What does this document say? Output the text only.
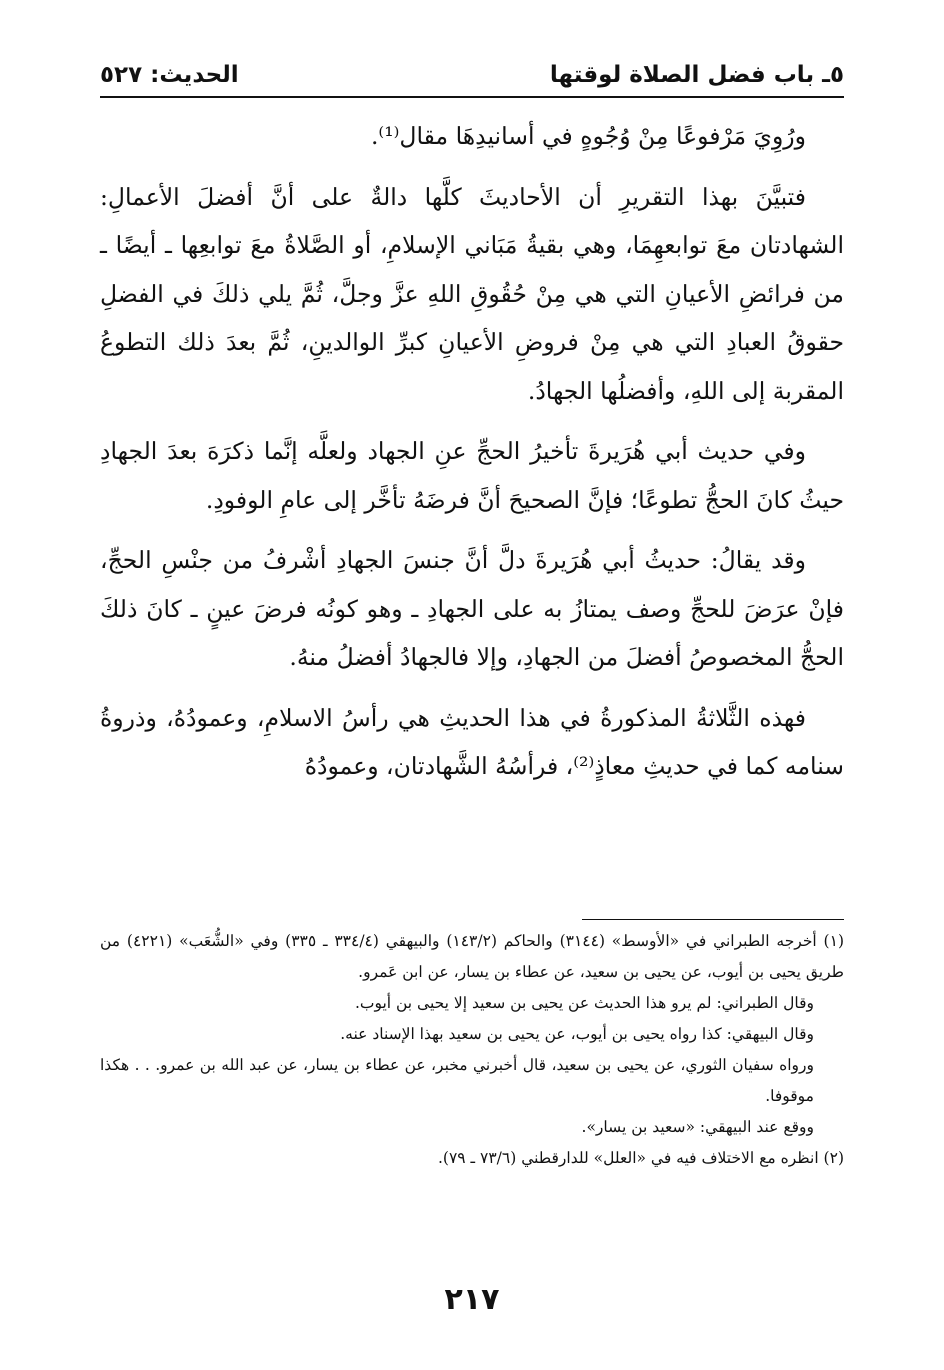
٥ـ باب فضل الصلاة لوقتها
الحديث: ٥٢٧

ورُوِيَ مَرْفوعًا مِنْ وُجُوهٍ في أسانيدِهَا مقال⁽¹⁾.

فتبيَّنَ بهذا التقريرِ أن الأحاديثَ كلَّها دالةٌ على أنَّ أفضلَ الأعمالِ: الشهادتان معَ توابعهِمَا، وهي بقيةُ مَبَاني الإسلامِ، أو الصَّلاةُ معَ توابعِها ـ أيضًا ـ من فرائضِ الأعيانِ التي هي مِنْ حُقُوقِ اللهِ عزَّ وجلَّ، ثُمَّ يلي ذلكَ في الفضلِ حقوقُ العبادِ التي هي مِنْ فروضِ الأعيانِ كبرِّ الوالدينِ، ثُمَّ بعدَ ذلك التطوعُ المقربة إلى اللهِ، وأفضلُها الجهادُ.

وفي حديث أبي هُرَيرةَ تأخيرُ الحجِّ عنِ الجهاد ولعلَّه إنَّما ذكرَهَ بعدَ الجهادِ حيثُ كانَ الحجُّ تطوعًا؛ فإنَّ الصحيحَ أنَّ فرضَهُ تأخَّر إلى عامِ الوفودِ.

وقد يقالُ: حديثُ أبي هُرَيرةَ دلَّ أنَّ جنسَ الجهادِ أشْرفُ من جنْسِ الحجِّ، فإنْ عرَضَ للحجِّ وصف يمتازُ به على الجهادِ ـ وهو كونُه فرضَ عينٍ ـ كانَ ذلكَ الحجُّ المخصوصُ أفضلَ من الجهادِ، وإلا فالجهادُ أفضلُ منهُ.

فهذه الثَّلاثةُ المذكورةُ في هذا الحديثِ هي رأسُ الاسلامِ، وعمودُهُ، وذروةُ سنامه كما في حديثِ معاذٍ⁽²⁾، فرأسُهُ الشَّهادتان، وعمودُهُ

(١) أخرجه الطبراني في «الأوسط» (٣١٤٤) والحاكم (١٤٣/٢) والبيهقي (٣٣٤/٤ ـ ٣٣٥) وفي «الشُّعَب» (٤٢٢١) من طريق يحيى بن أيوب، عن يحيى بن سعيد، عن عطاء بن يسار، عن ابن عَمرو.

وقال الطبراني: لم يرو هذا الحديث عن يحيى بن سعيد إلا يحيى بن أيوب.

وقال البيهقي: كذا رواه يحيى بن أيوب، عن يحيى بن سعيد بهذا الإسناد عنه.

ورواه سفيان الثوري، عن يحيى بن سعيد، قال أخبرني مخبر، عن عطاء بن يسار، عن عبد الله بن عمرو. . . هكذا موقوفا.

ووقع عند البيهقي: «سعيد بن يسار».

(٢) انظره مع الاختلاف فيه في «العلل» للدارقطني (٧٣/٦ ـ ٧٩).

٢١٧
